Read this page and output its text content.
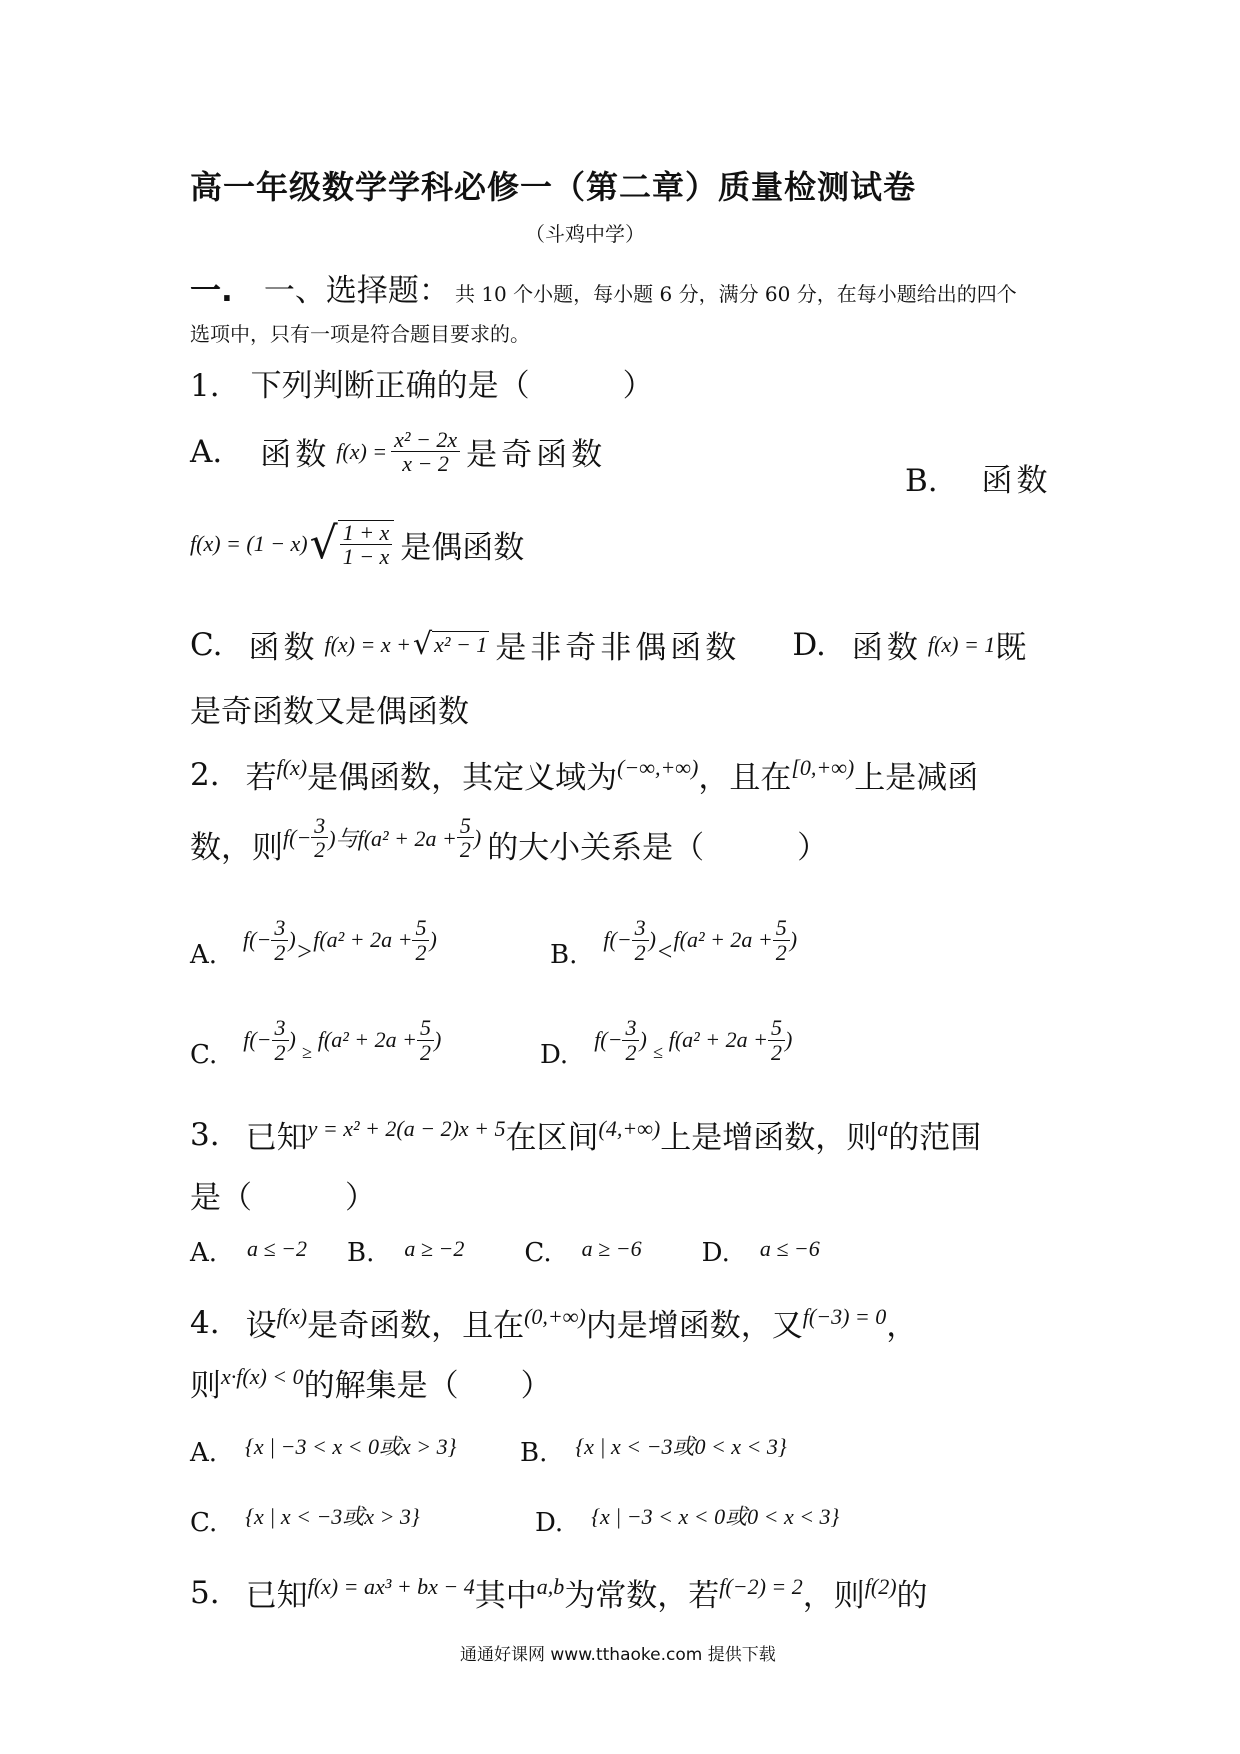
高一年级数学学科必修一（第二章）质量检测试卷
（斗鸡中学）
一. 一、选择题： 共 10 个小题，每小题 6 分，满分 60 分，在每小题给出的四个
选项中，只有一项是符合题目要求的。
1.　下列判断正确的是（　　　）
A. 函数 $f(x) = \frac{\text{x² − 2x}}{x - 2}$ 是奇函数
B. 函数
f(x) = (1 − x) √ $\frac{1 + x}{1 - x}$ 是偶函数
C. 函数 f(x) = x + √ x² − 1 是非奇非偶函数 D. 函数 f(x) = 1 既
是奇函数又是偶函数
2. 若 f(x) 是偶函数，其定义域为 (−∞,+∞) ，且在 [0,+∞) 上是减函
数，则 $f(- \frac{3}{2}$ )与$f(a^2 + 2a + \frac{5}{2}$ ) 的大小关系是（　　　）
A.
$f(- \frac{3}{2}$ ) > $f(a^2 + 2a + \frac{5}{2}$ )
B.
$f(- \frac{3}{2}$ ) < $f(a^2 + 2a + \frac{5}{2}$ )
C.
$f(- \frac{3}{2}$ ) ≥ $f(a^2 + 2a + \frac{5}{2}$ )
D.
$f(- \frac{3}{2}$ ) ≤ $f(a^2 + 2a + \frac{5}{2}$ )
3. 已知 y = x² + 2(a − 2)x + 5 在区间 (4,+∞) 上是增函数，则 a 的范围
是（　　　）
A. a ≤ −2	B. a ≥ −2	C. a ≥ −6	D. a ≤ −6
4. 设 f(x) 是奇函数，且在 (0,+∞) 内是增函数，又 f(−3) = 0 ，
则 x·f(x) < 0 的解集是（　　）
A. {x | −3 < x < 0或x > 3} B. {x | x < −3或0 < x < 3}
C. {x | x < −3或x > 3}	D. {x | −3 < x < 0或0 < x < 3}
5. 已知 f(x) = ax³ + bx − 4 其中 a,b 为常数，若 f(−2) = 2 ，则 f(2) 的
通通好课网 www.tthaoke.com 提供下载
